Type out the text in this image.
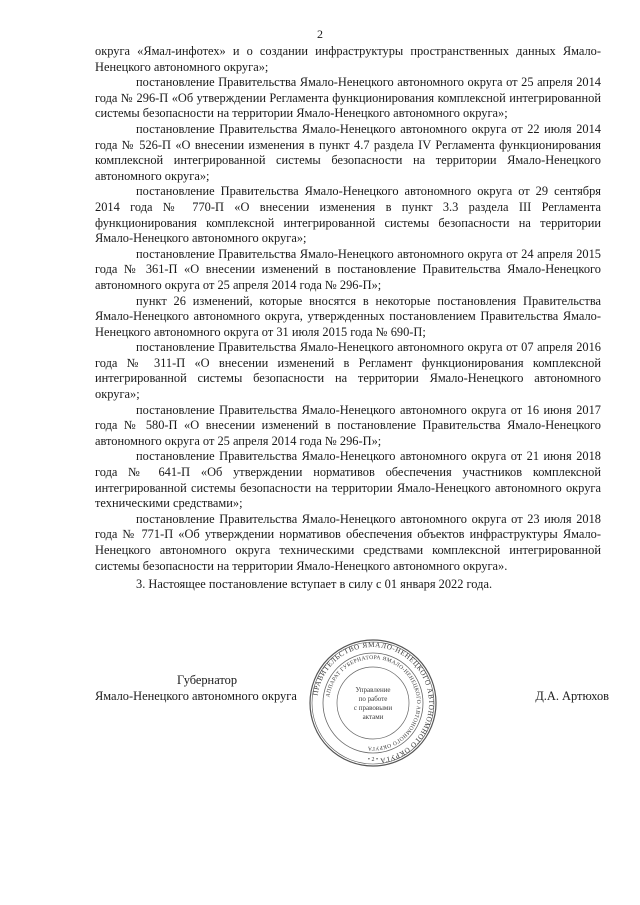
2

округа «Ямал-инфотех» и о создании инфраструктуры пространственных данных Ямало-Ненецкого автономного округа»;

постановление Правительства Ямало-Ненецкого автономного округа от 25 апреля 2014 года № 296-П «Об утверждении Регламента функционирования комплексной интегрированной системы безопасности на территории Ямало-Ненецкого автономного округа»;

постановление Правительства Ямало-Ненецкого автономного округа от 22 июля 2014 года № 526-П «О внесении изменения в пункт 4.7 раздела IV Регламента функционирования комплексной интегрированной системы безопасности на территории Ямало-Ненецкого автономного округа»;

постановление Правительства Ямало-Ненецкого автономного округа от 29 сентября 2014 года № 770-П «О внесении изменения в пункт 3.3 раздела III Регламента функционирования комплексной интегрированной системы безопасности на территории Ямало-Ненецкого автономного округа»;

постановление Правительства Ямало-Ненецкого автономного округа от 24 апреля 2015 года № 361-П «О внесении изменений в постановление Правительства Ямало-Ненецкого автономного округа от 25 апреля 2014 года № 296-П»;

пункт 26 изменений, которые вносятся в некоторые постановления Правительства Ямало-Ненецкого автономного округа, утвержденных постановлением Правительства Ямало-Ненецкого автономного округа от 31 июля 2015 года № 690-П;

постановление Правительства Ямало-Ненецкого автономного округа от 07 апреля 2016 года № 311-П «О внесении изменений в Регламент функционирования комплексной интегрированной системы безопасности на территории Ямало-Ненецкого автономного округа»;

постановление Правительства Ямало-Ненецкого автономного округа от 16 июня 2017 года № 580-П «О внесении изменений в постановление Правительства Ямало-Ненецкого автономного округа от 25 апреля 2014 года № 296-П»;

постановление Правительства Ямало-Ненецкого автономного округа от 21 июня 2018 года № 641-П «Об утверждении нормативов обеспечения участников комплексной интегрированной системы безопасности на территории Ямало-Ненецкого автономного округа техническими средствами»;

постановление Правительства Ямало-Ненецкого автономного округа от 23 июля 2018 года № 771-П «Об утверждении нормативов обеспечения объектов инфраструктуры Ямало-Ненецкого автономного округа техническими средствами комплексной интегрированной системы безопасности на территории Ямало-Ненецкого автономного округа».

3. Настоящее постановление вступает в силу с 01 января 2022 года.

Губернатор
Ямало-Ненецкого автономного округа	Д.А. Артюхов
ПРАВИТЕЛЬСТВО ЯМАЛО-НЕНЕЦКОГО АВТОНОМНОГО ОКРУГА
АППАРАТ ГУБЕРНАТОРА ЯМАЛО-НЕНЕЦКОГО АВТОНОМНОГО ОКРУГА
Управление
по работе
с правовыми
актами
• 2 •
